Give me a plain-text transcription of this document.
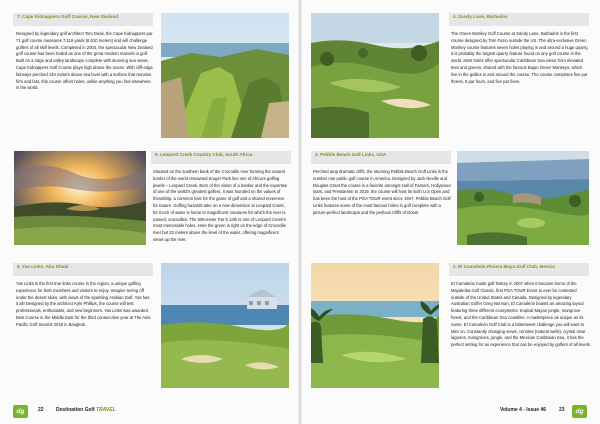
7. Cape Kidnappers Golf Course, New Zealand

Designed by legendary golf architect Tom Doak, the Cape Kidnappers par 71 golf course measures 7,119 yards (6,510 meters) and will challenge golfers of all skill levels. Completed in 2004, the spectacular New Zealand golf course has been hailed as one of the great modern marvels in golf. Built on a ridge and valley landscape complete with stunning sea views, Cape Kidnappers Golf Course plays high above the ocean. With cliff-edge fairways perched 140 meters above sea level with a surface that remains firm and fast, this course offers holes, unlike anything you find elsewhere in the world.

6. Leopard Creek Country Club, South Africa

Situated on the southern bank of the Crocodile river forming the natural border of the world renowned Kruger Park lies one of Africa's golfing jewels – Leopard Creek. Born of the vision of a banker and the expertise of one of the world's greatest golfers, it was founded on the values of friendship, a common love for the game of golf and a shared reverence for nature. Golfing hazards take on a new dimension at Leopard Creek, for much of water is home to magnificent creatures for which the river is named, crocodiles. The 505-meter Par 5 13th is one of Leopard Creek's most memorable holes. Here the green is right on the edge of Crocodile river but 32 meters above the level of the water, offering magnificent views up the river.

5. Yas Links, Abu Dhabi

Yas Links is the first true links course in the region, a unique golfing experience for both members and visitors to enjoy. Imagine teeing off under the desert skies, with views of the sparkling Arabian Gulf, Yas has it all! Designed by the architect Kyle Phillips, the course will test professionals, enthusiasts, and new beginners. Yas Links was awarded Best Course in the Middle East for the third consecutive year at The Asia Pacific Golf Summit 2018 in Bangkok.

dg	22 Destination Golf TRAVEL
4. Sandy Lane, Barbados

The Green Monkey Golf Course at Sandy Lane, Barbados is the first course designed by Tom Fazio outside the US. The ultra-exclusive Green Monkey course features seven holes playing in and around a huge quarry, it is probably the largest quarry feature found on any golf course in the world. Most holes offer spectacular Caribbean Sea views from elevated tees and greens, shared with the famous Bajan Green Monkeys, which live in the gullies in and around the course. The course comprises five par threes, 8 par fours, and five par fives.

3. Pebble Beach Golf Links, USA

Perched atop dramatic cliffs, the stunning Pebble Beach Golf Links is the number one public golf course in America. Designed by Jack Neville and Douglas Grant the course is a favorite amongst Hall of Famers, Hollywood stars, and Presidents! In 2019, the course will host its sixth U.S Open and has been the host of the PGA TOUR event since 1947. Pebble Beach Golf Links features some of the most famous holes in golf complete with a picture-perfect landscape and the perilous Cliffs of Doom.

2. El Camaleón Riviera Maya Golf Club, Mexico

El Camaleón made golf history in 2007 when it became home of the Mayakoba Golf Classic, first PGA TOUR Event to ever be contested outside of the United States and Canada. Designed by legendary Australian Golfer Greg Norman, El Camaleón boasts an amazing layout featuring three different ecosystems: tropical Mayan jungle, mangrove forest, and the Caribbean Sea coastline. A masterpiece as unique as its name. El Camaleón Golf Club is a bittersweet challenge you will want to take on. Constantly changing views, cenotes (natural wells), crystal clear lagoons, mangroves, jungle, and the Mexican Caribbean Sea, it has the perfect setting for an experience that can be enjoyed by golfers of all levels.

Volume 4 - Issue 46	23	dg
